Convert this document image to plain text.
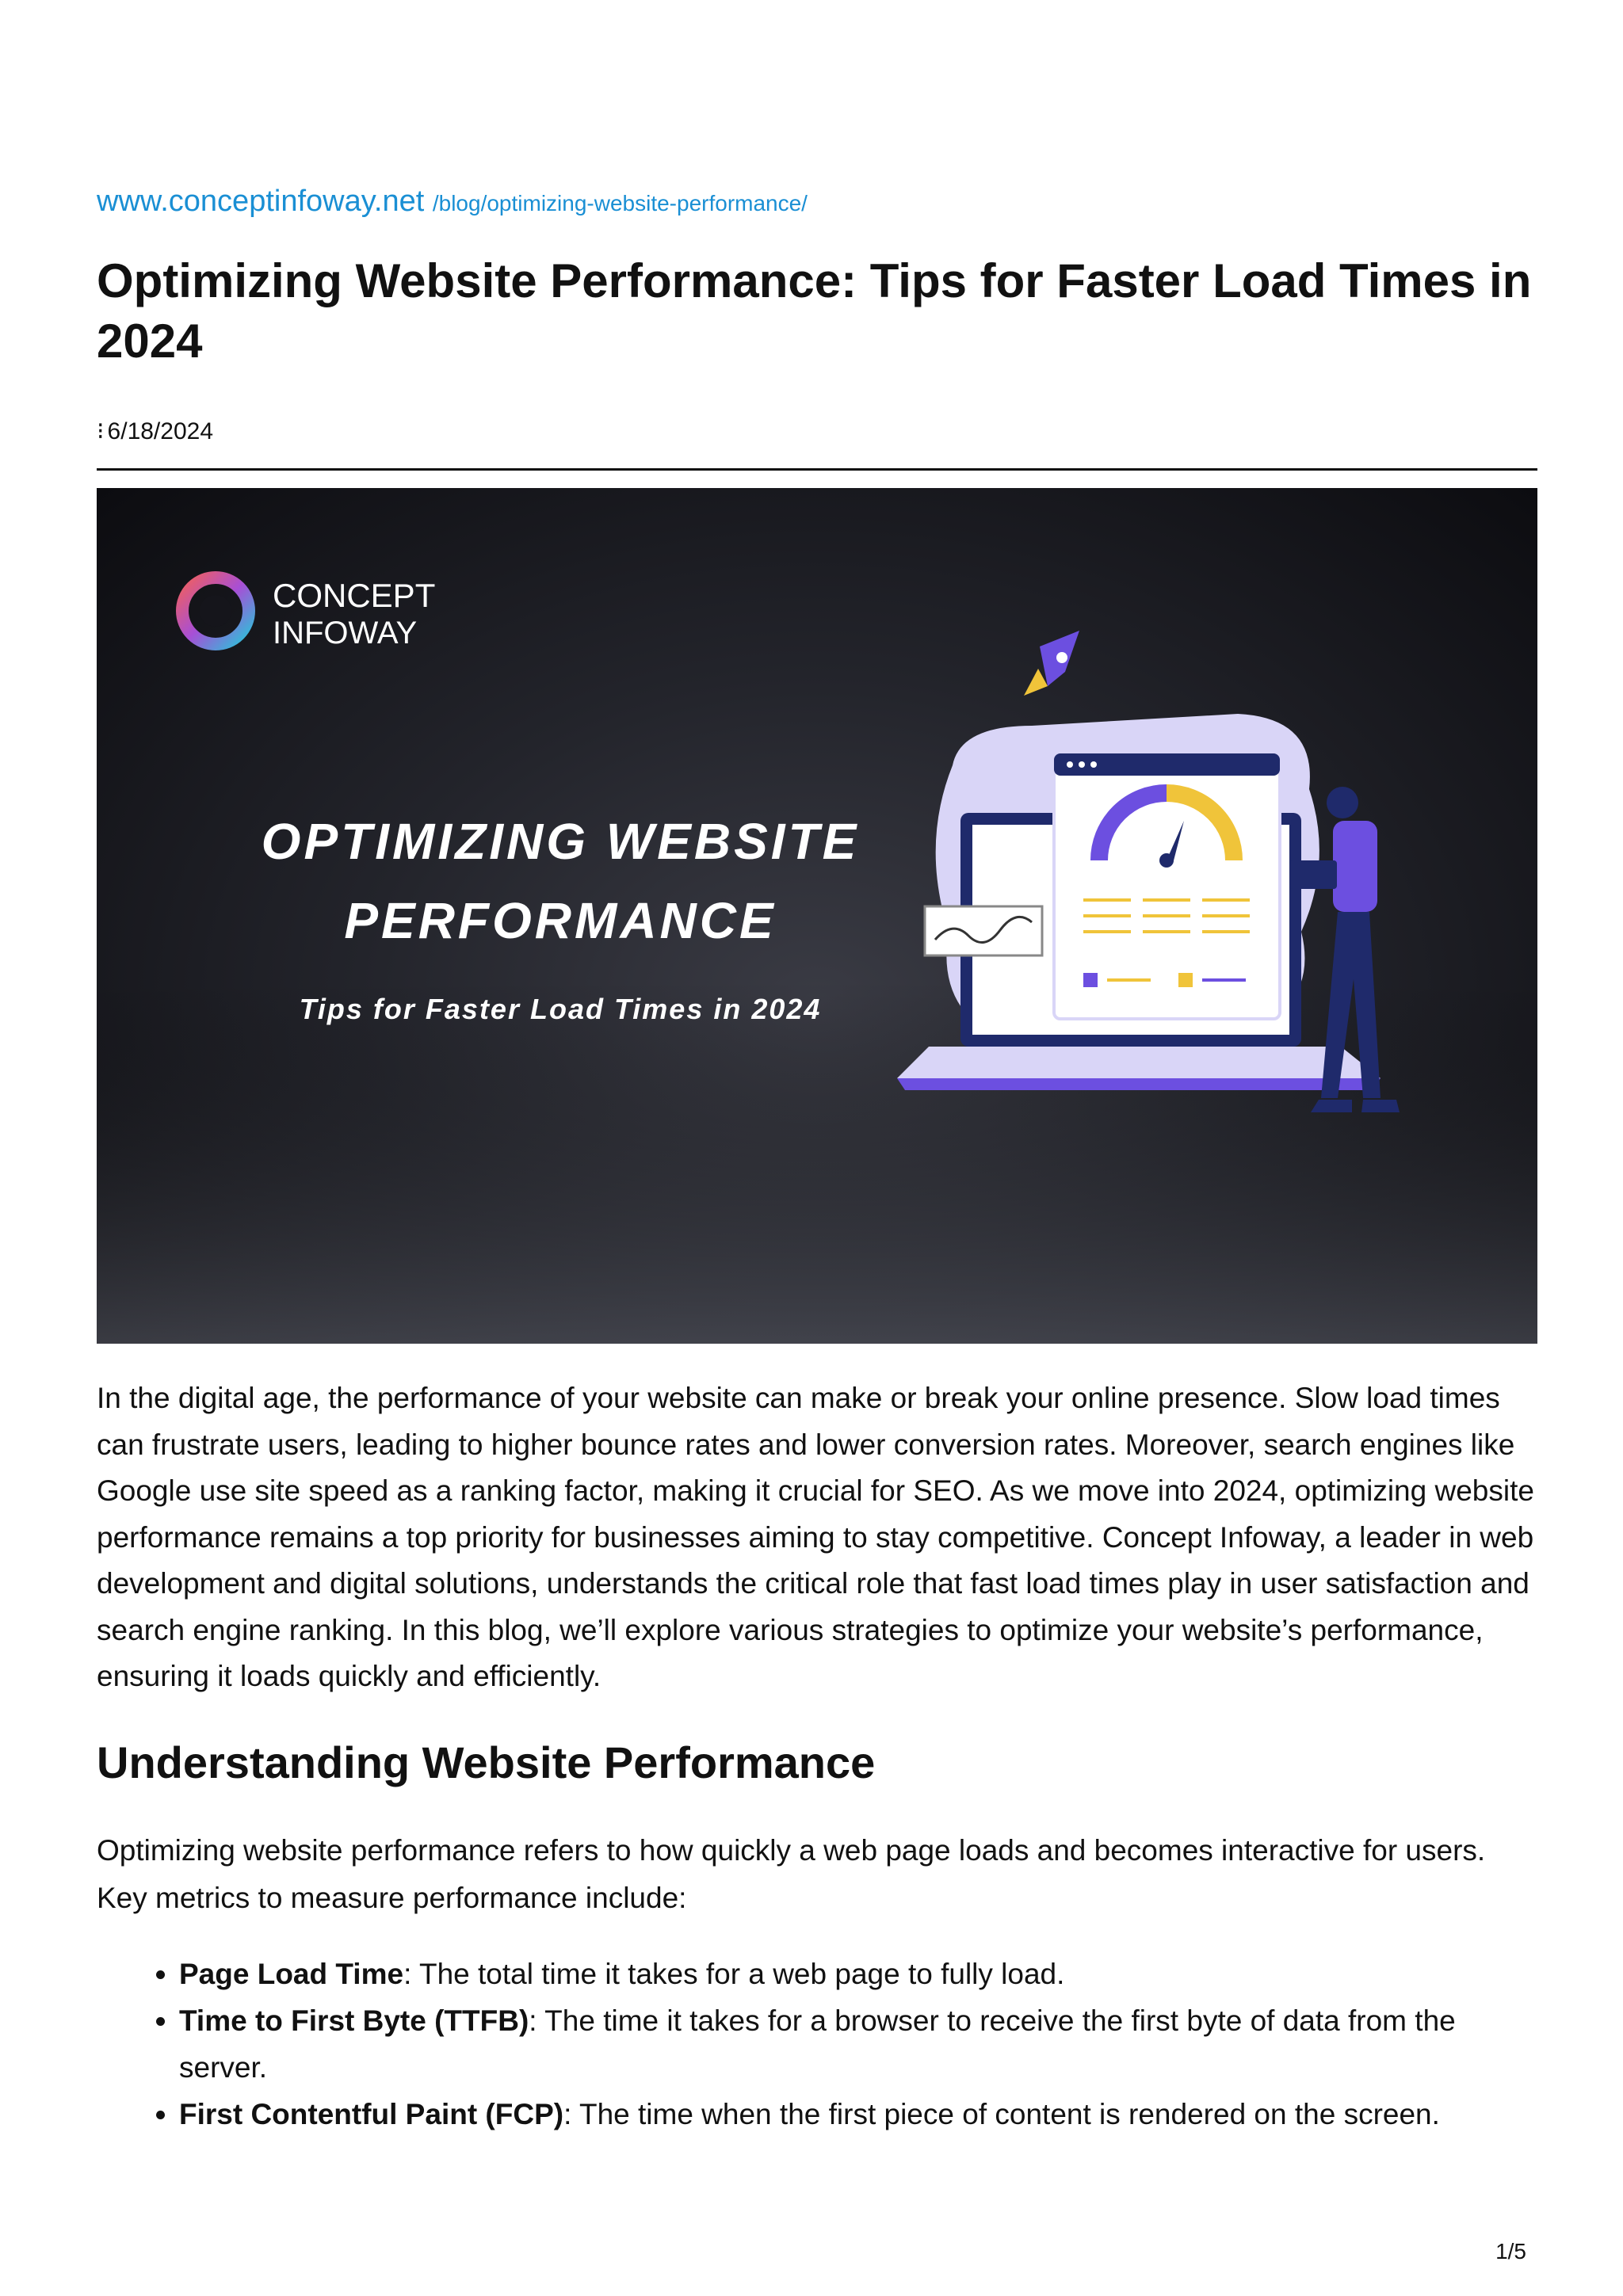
www.conceptinfoway.net /blog/optimizing-website-performance/
Optimizing Website Performance: Tips for Faster Load Times in 2024
⁝ 6/18/2024
CONCEPT
INFOWAY
OPTIMIZING WEBSITE
PERFORMANCE
Tips for Faster Load Times in 2024

In the digital age, the performance of your website can make or break your online presence. Slow load times can frustrate users, leading to higher bounce rates and lower conversion rates. Moreover, search engines like Google use site speed as a ranking factor, making it crucial for SEO. As we move into 2024, optimizing website performance remains a top priority for businesses aiming to stay competitive. Concept Infoway, a leader in web development and digital solutions, understands the critical role that fast load times play in user satisfaction and search engine ranking. In this blog, we’ll explore various strategies to optimize your website’s performance, ensuring it loads quickly and efficiently.

Understanding Website Performance

Optimizing website performance refers to how quickly a web page loads and becomes interactive for users. Key metrics to measure performance include:

• Page Load Time: The total time it takes for a web page to fully load.
• Time to First Byte (TTFB): The time it takes for a browser to receive the first byte of data from the server.
• First Contentful Paint (FCP): The time when the first piece of content is rendered on the screen.
1/5
